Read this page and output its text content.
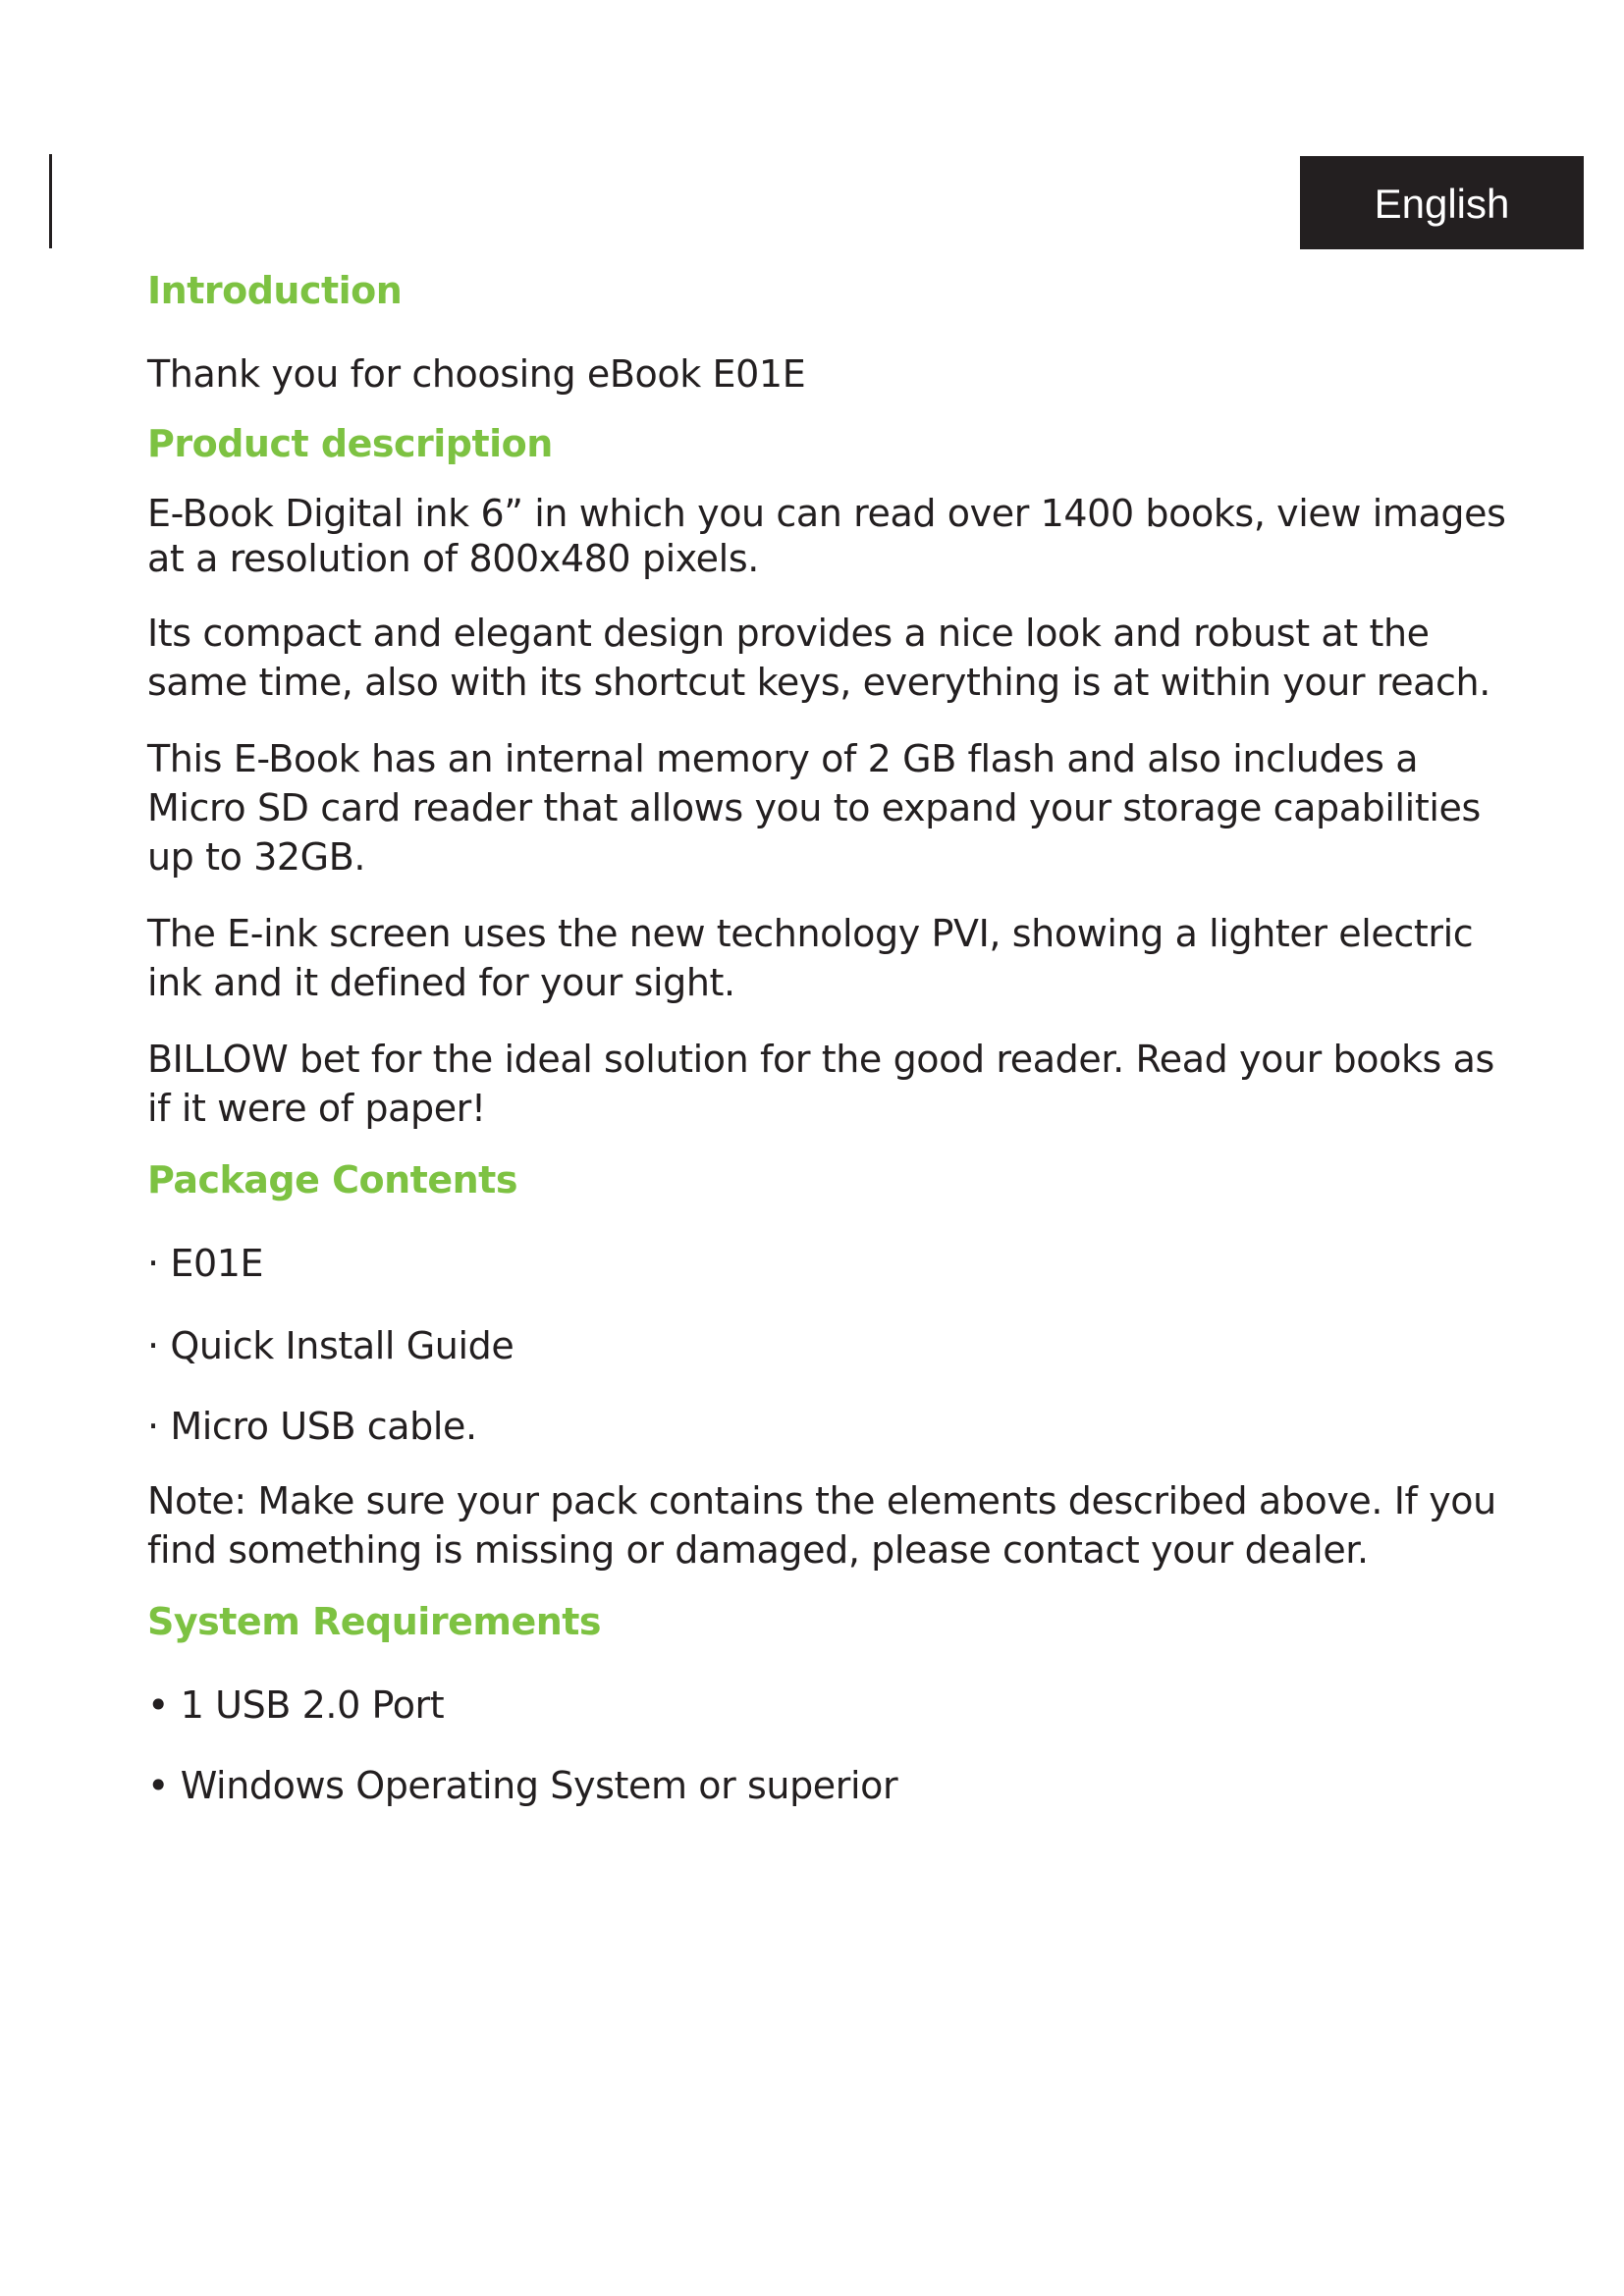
English
Introduction

Thank you for choosing eBook E01E

Product description

E-Book Digital ink 6” in which you can read over 1400 books, view images at a resolution of 800x480 pixels.

Its compact and elegant design provides a nice look and robust at the same time, also with its shortcut keys, everything is at within your reach.

This E-Book has an internal memory of 2 GB flash and also includes a Micro SD card reader that allows you to expand your storage capabilities up to 32GB.

The E-ink screen uses the new technology PVI, showing a lighter electric ink and it defined for your sight.

BILLOW bet for the ideal solution for the good reader. Read your books as if it were of paper!

Package Contents

· E01E

· Quick Install Guide

· Micro USB cable.

Note: Make sure your pack contains the elements described above. If you find something is missing or damaged, please contact your dealer.

System Requirements

• 1 USB 2.0 Port

• Windows Operating System or superior
